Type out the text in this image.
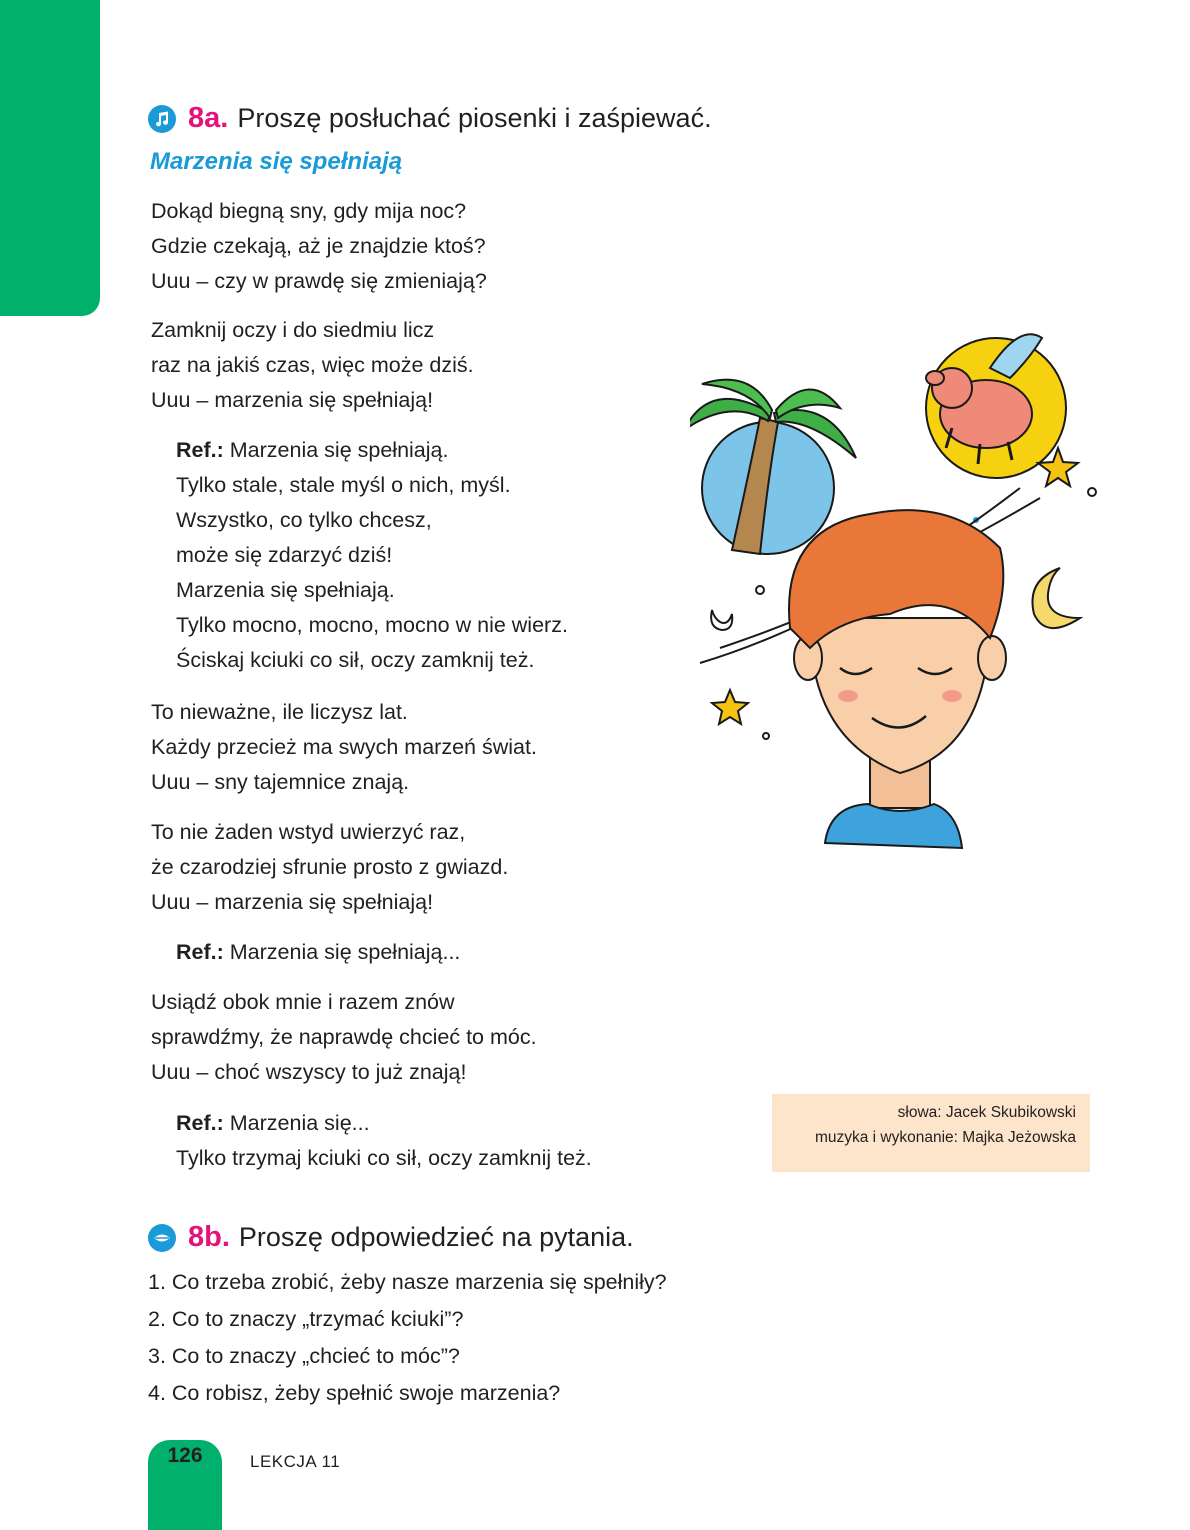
8a. Proszę posłuchać piosenki i zaśpiewać.
Marzenia się spełniają
Dokąd biegną sny, gdy mija noc?
Gdzie czekają, aż je znajdzie ktoś?
Uuu – czy w prawdę się zmieniają?
Zamknij oczy i do siedmiu licz
raz na jakiś czas, więc może dziś.
Uuu – marzenia się spełniają!
Ref.: Marzenia się spełniają.
Tylko stale, stale myśl o nich, myśl.
Wszystko, co tylko chcesz,
może się zdarzyć dziś!
Marzenia się spełniają.
Tylko mocno, mocno, mocno w nie wierz.
Ściskaj kciuki co sił, oczy zamknij też.
To nieważne, ile liczysz lat.
Każdy przecież ma swych marzeń świat.
Uuu – sny tajemnice znają.
To nie żaden wstyd uwierzyć raz,
że czarodziej sfrunie prosto z gwiazd.
Uuu – marzenia się spełniają!
Ref.: Marzenia się spełniają...
Usiądź obok mnie i razem znów
sprawdźmy, że naprawdę chcieć to móc.
Uuu – choć wszyscy to już znają!
Ref.: Marzenia się...
Tylko trzymaj kciuki co sił, oczy zamknij też.
słowa: Jacek Skubikowski
muzyka i wykonanie: Majka Jeżowska
8b. Proszę odpowiedzieć na pytania.
1. Co trzeba zrobić, żeby nasze marzenia się spełniły?
2. Co to znaczy „trzymać kciuki”?
3. Co to znaczy „chcieć to móc”?
4. Co robisz, żeby spełnić swoje marzenia?
126	LEKCJA 11
